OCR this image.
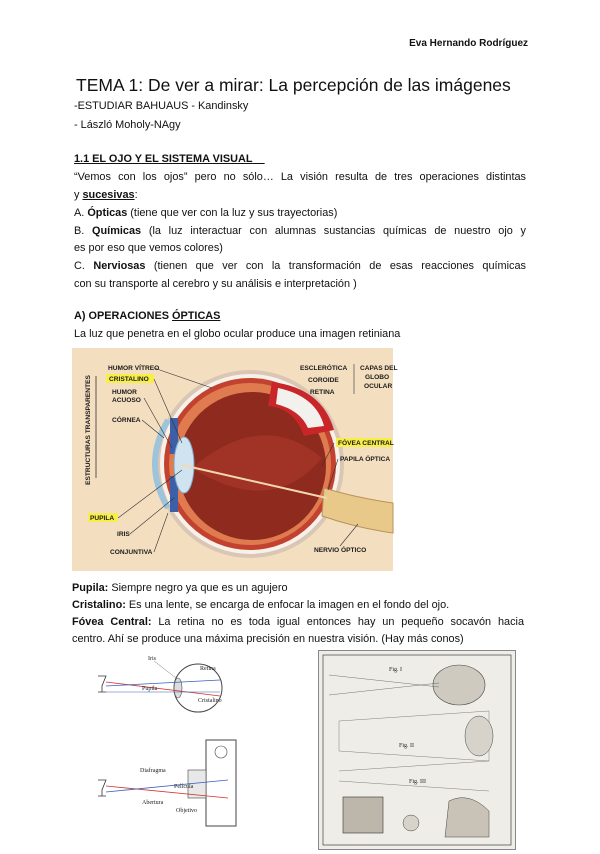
Eva Hernando Rodríguez
TEMA 1: De ver a mirar: La percepción de las imágenes
-ESTUDIAR BAHUAUS - Kandinsky
- László Moholy-NAgy
1.1 EL OJO Y EL SISTEMA VISUAL
“Vemos con los ojos” pero no sólo… La visión resulta de tres operaciones distintas
y sucesivas:
A. Ópticas (tiene que ver con la luz y sus trayectorias)
B. Químicas (la luz interactuar con alumnas sustancias químicas de nuestro ojo y
es por eso que vemos colores)
C. Nerviosas (tienen que ver con la transformación de esas reacciones químicas
con su transporte al cerebro y su análisis e interpretación )
A) OPERACIONES ÓPTICAS
La luz que penetra en el globo ocular produce una imagen retiniana
ESTRUCTURAS TRANSPARENTES
HUMOR VÍTREO
CRISTALINO
HUMOR
ACUOSO
CÓRNEA
PUPILA
IRIS
CONJUNTIVA
ESCLERÓTICA
COROIDE
RETINA
CAPAS DEL
GLOBO
OCULAR
FÓVEA CENTRAL
PAPILA ÓPTICA
NERVIO ÓPTICO
Pupila: Siempre negro ya que es un agujero
Cristalino: Es una lente, se encarga de enfocar la imagen en el fondo del ojo.
Fóvea Central: La retina no es toda igual entonces hay un pequeño socavón hacia
centro. Ahí se produce una máxima precisión en nuestra visión. (Hay más conos)
Iris
Retina
Pupila
Cristalino
Diafragma
Película
Abertura
Objetivo
Fig. I
Fig. II
Fig. III
